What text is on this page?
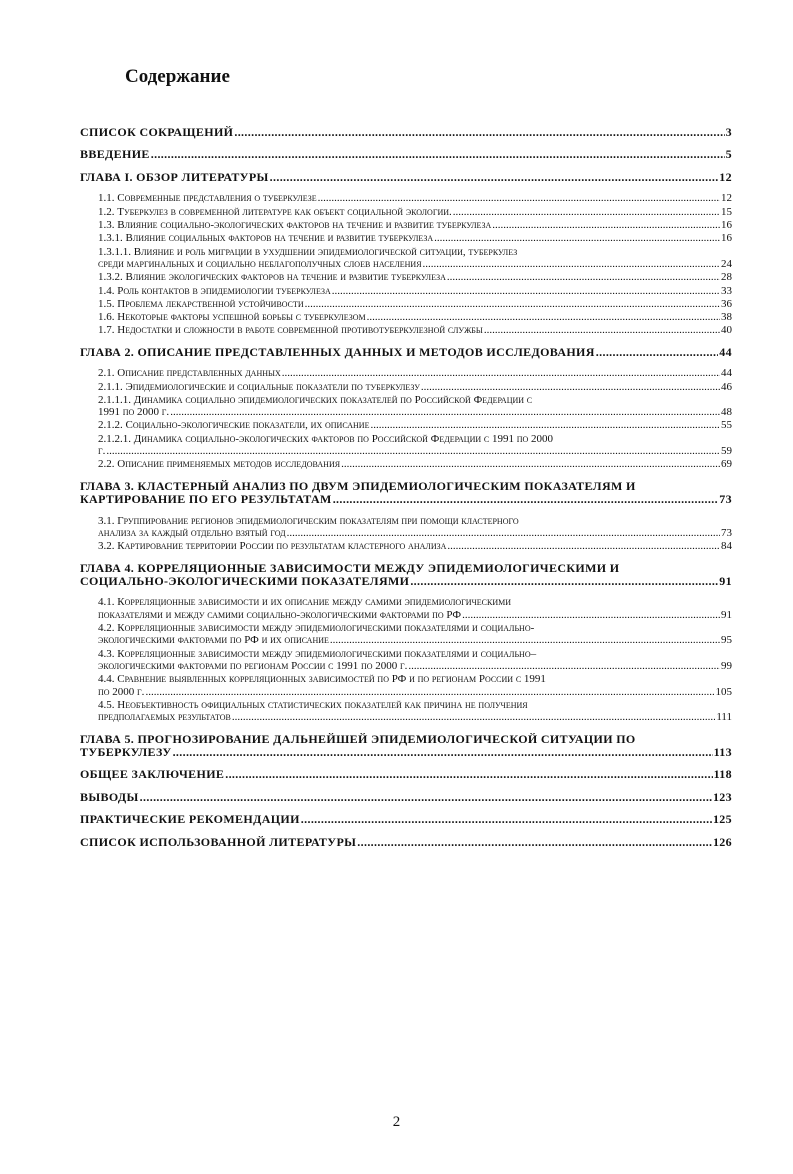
Содержание
СПИСОК СОКРАЩЕНИЙ .....	3
ВВЕДЕНИЕ .....	5
ГЛАВА I. ОБЗОР ЛИТЕРАТУРЫ .....	12
1.1. Современные представления о туберкулезе .....	12
1.2. Туберкулез в современной литературе как объект социальной экологии. .....	15
1.3. Влияние социально-экологических факторов на течение и развитие туберкулеза .....	16
1.3.1. Влияние социальных факторов на течение и развитие туберкулеза .....	16
1.3.1.1. Влияние и роль миграции в ухудшении эпидемиологической ситуации, туберкулез
среди маргинальных и социально неблагополучных слоев населения .....	24
1.3.2. Влияние экологических факторов на течение и развитие туберкулеза .....	28
1.4. Роль контактов в эпидемиологии туберкулеза .....	33
1.5. Проблема лекарственной устойчивости .....	36
1.6. Некоторые факторы успешной борьбы с туберкулезом .....	38
1.7. Недостатки и сложности в работе современной противотуберкулезной службы .....	40
ГЛАВА 2. ОПИСАНИЕ ПРЕДСТАВЛЕННЫХ ДАННЫХ И МЕТОДОВ ИССЛЕДОВАНИЯ .....	44
2.1. Описание представленных данных .....	44
2.1.1. Эпидемиологические и социальные показатели по туберкулезу .....	46
2.1.1.1. Динамика социально эпидемиологических показателей по Российской Федерации с
1991 по 2000 г. .....	48
2.1.2. Социально-экологические показатели, их описание .....	55
2.1.2.1. Динамика социально-экологических факторов по Российской Федерации с 1991 по 2000
г. .....	59
2.2. Описание применяемых методов исследования .....	69
ГЛАВА 3. КЛАСТЕРНЫЙ АНАЛИЗ ПО ДВУМ ЭПИДЕМИОЛОГИЧЕСКИМ ПОКАЗАТЕЛЯМ И
КАРТИРОВАНИЕ ПО ЕГО РЕЗУЛЬТАТАМ .....	73
3.1. Группирование регионов эпидемиологическим показателям при помощи кластерного
анализа за каждый отдельно взятый год .....	73
3.2. Картирование территории России по результатам кластерного анализа .....	84
ГЛАВА 4. КОРРЕЛЯЦИОННЫЕ ЗАВИСИМОСТИ МЕЖДУ ЭПИДЕМИОЛОГИЧЕСКИМИ И
СОЦИАЛЬНО-ЭКОЛОГИЧЕСКИМИ ПОКАЗАТЕЛЯМИ .....	91
4.1. Корреляционные зависимости и их описание между самими эпидемиологическими
показателями и между самими социально-экологическими факторами по РФ .....	91
4.2. Корреляционные зависимости между эпидемиологическими показателями и социально-
экологическими факторами по РФ и их описание .....	95
4.3. Корреляционные зависимости между эпидемиологическими показателями и социально–
экологическими факторами по регионам России с 1991 по 2000 г. .....	99
4.4. Сравнение выявленных корреляционных зависимостей по РФ и по регионам России с 1991
по 2000 г. .....	105
4.5. Необъективность официальных статистических показателей как причина не получения
предполагаемых результатов .....	111
ГЛАВА 5. ПРОГНОЗИРОВАНИЕ ДАЛЬНЕЙШЕЙ ЭПИДЕМИОЛОГИЧЕСКОЙ СИТУАЦИИ ПО
ТУБЕРКУЛЕЗУ .....	113
ОБЩЕЕ ЗАКЛЮЧЕНИЕ .....	118
ВЫВОДЫ .....	123
ПРАКТИЧЕСКИЕ РЕКОМЕНДАЦИИ .....	125
СПИСОК ИСПОЛЬЗОВАННОЙ ЛИТЕРАТУРЫ .....	126
2
